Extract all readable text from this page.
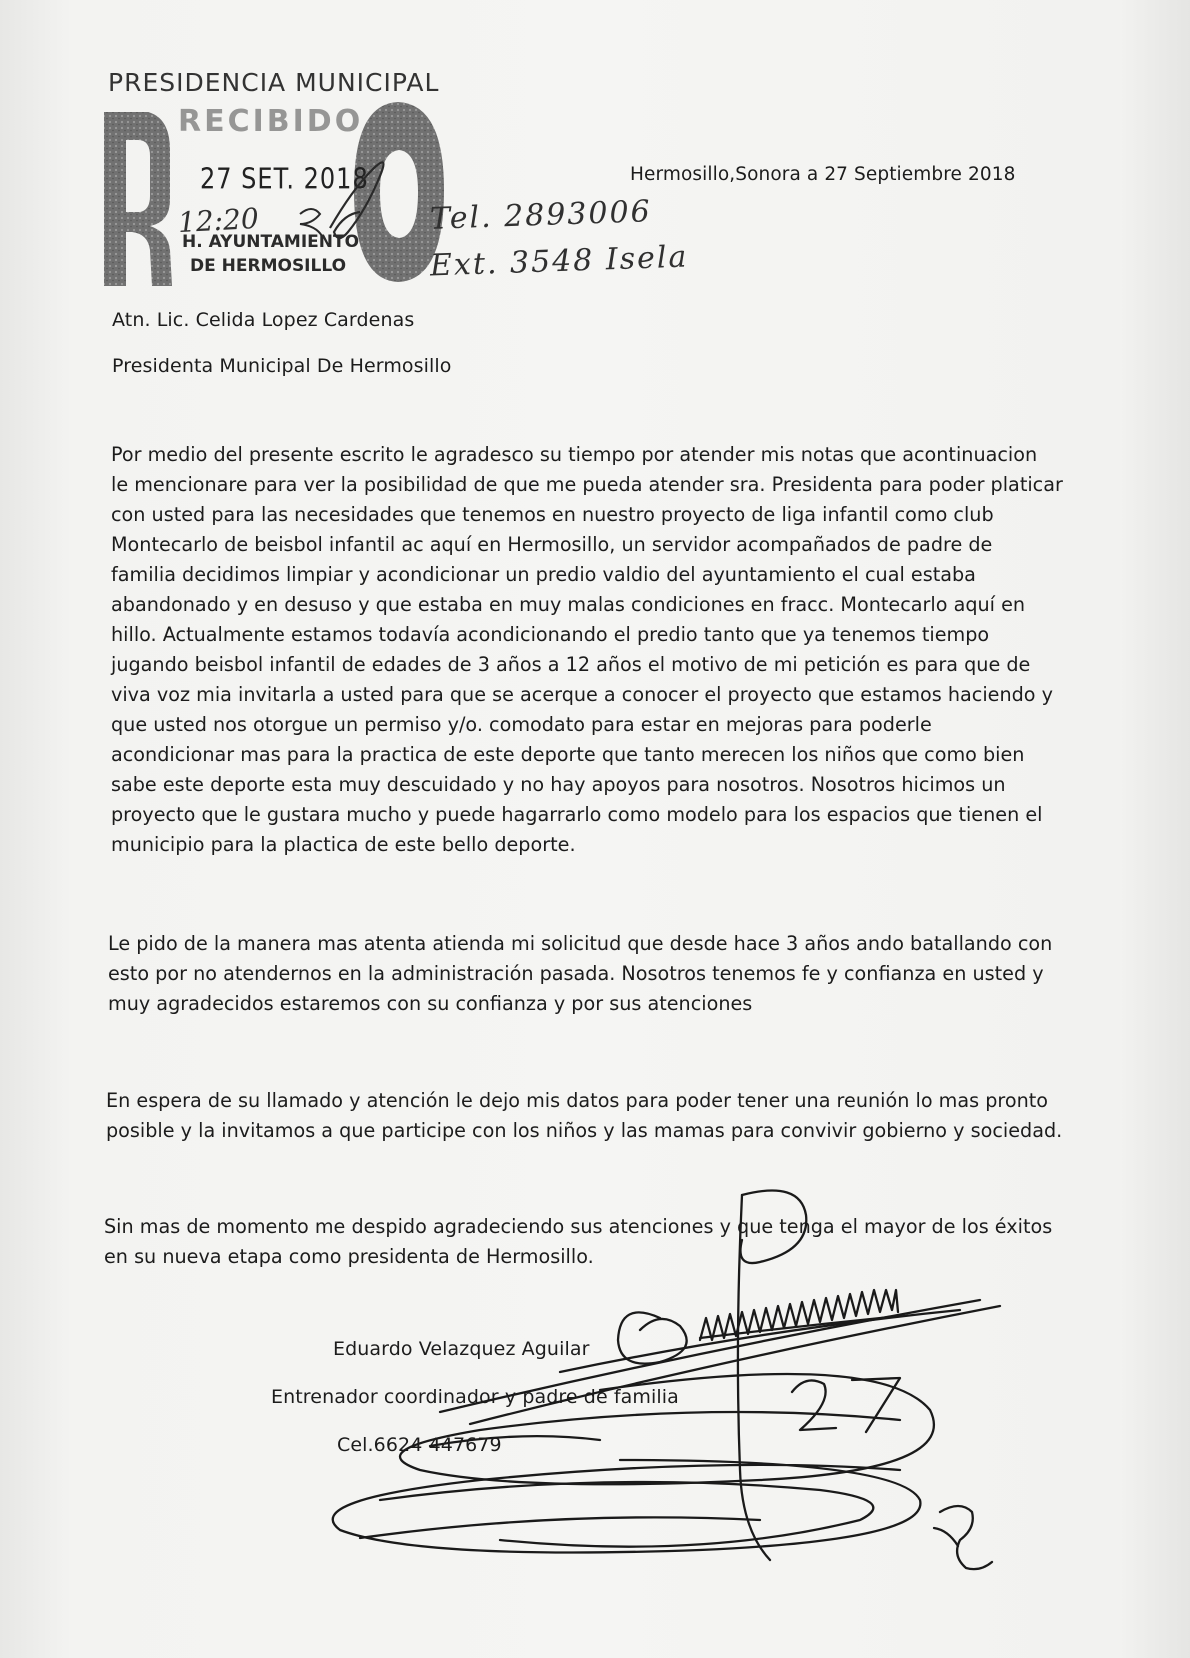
PRESIDENCIA MUNICIPAL
RECIBIDO
27 SET. 2018
12:20
H. AYUNTAMIENTO
DE HERMOSILLO
Tel. 2893006
Ext. 3548 Isela
Hermosillo,Sonora a 27 Septiembre 2018
Atn. Lic. Celida Lopez Cardenas
Presidenta Municipal De Hermosillo
Por medio del presente escrito le agradesco su tiempo por atender mis notas que acontinuacion
le mencionare para ver la posibilidad de que me pueda atender sra. Presidenta para poder platicar
con usted para las necesidades que tenemos en nuestro proyecto de liga infantil como club
Montecarlo de beisbol infantil ac aquí en Hermosillo, un servidor acompañados de padre de
familia decidimos limpiar y acondicionar un predio valdio del ayuntamiento el cual estaba
abandonado y en desuso y que estaba en muy malas condiciones en fracc. Montecarlo aquí en
hillo. Actualmente estamos todavía acondicionando el predio tanto que ya tenemos tiempo
jugando beisbol infantil de edades de 3 años a 12 años el motivo de mi petición es para que de
viva voz mia invitarla a usted para que se acerque a conocer el proyecto que estamos haciendo y
que usted nos otorgue un permiso y/o. comodato para estar en mejoras para poderle
acondicionar mas para la practica de este deporte que tanto merecen los niños que como bien
sabe este deporte esta muy descuidado y no hay apoyos para nosotros. Nosotros hicimos un
proyecto que le gustara mucho y puede hagarrarlo como modelo para los espacios que tienen el
municipio para la plactica de este bello deporte.
Le pido de la manera mas atenta atienda mi solicitud que desde hace 3 años ando batallando con
esto por no atendernos en la administración pasada. Nosotros tenemos fe y confianza en usted y
muy agradecidos estaremos con su confianza y por sus atenciones
En espera de su llamado y atención le dejo mis datos para poder tener una reunión lo mas pronto
posible y la invitamos a que participe con los niños y las mamas para convivir gobierno y sociedad.
Sin mas de momento me despido agradeciendo sus atenciones y que tenga el mayor de los éxitos
en su nueva etapa como presidenta de Hermosillo.
Eduardo Velazquez Aguilar
Entrenador coordinador y padre de familia
Cel.6624 447679
